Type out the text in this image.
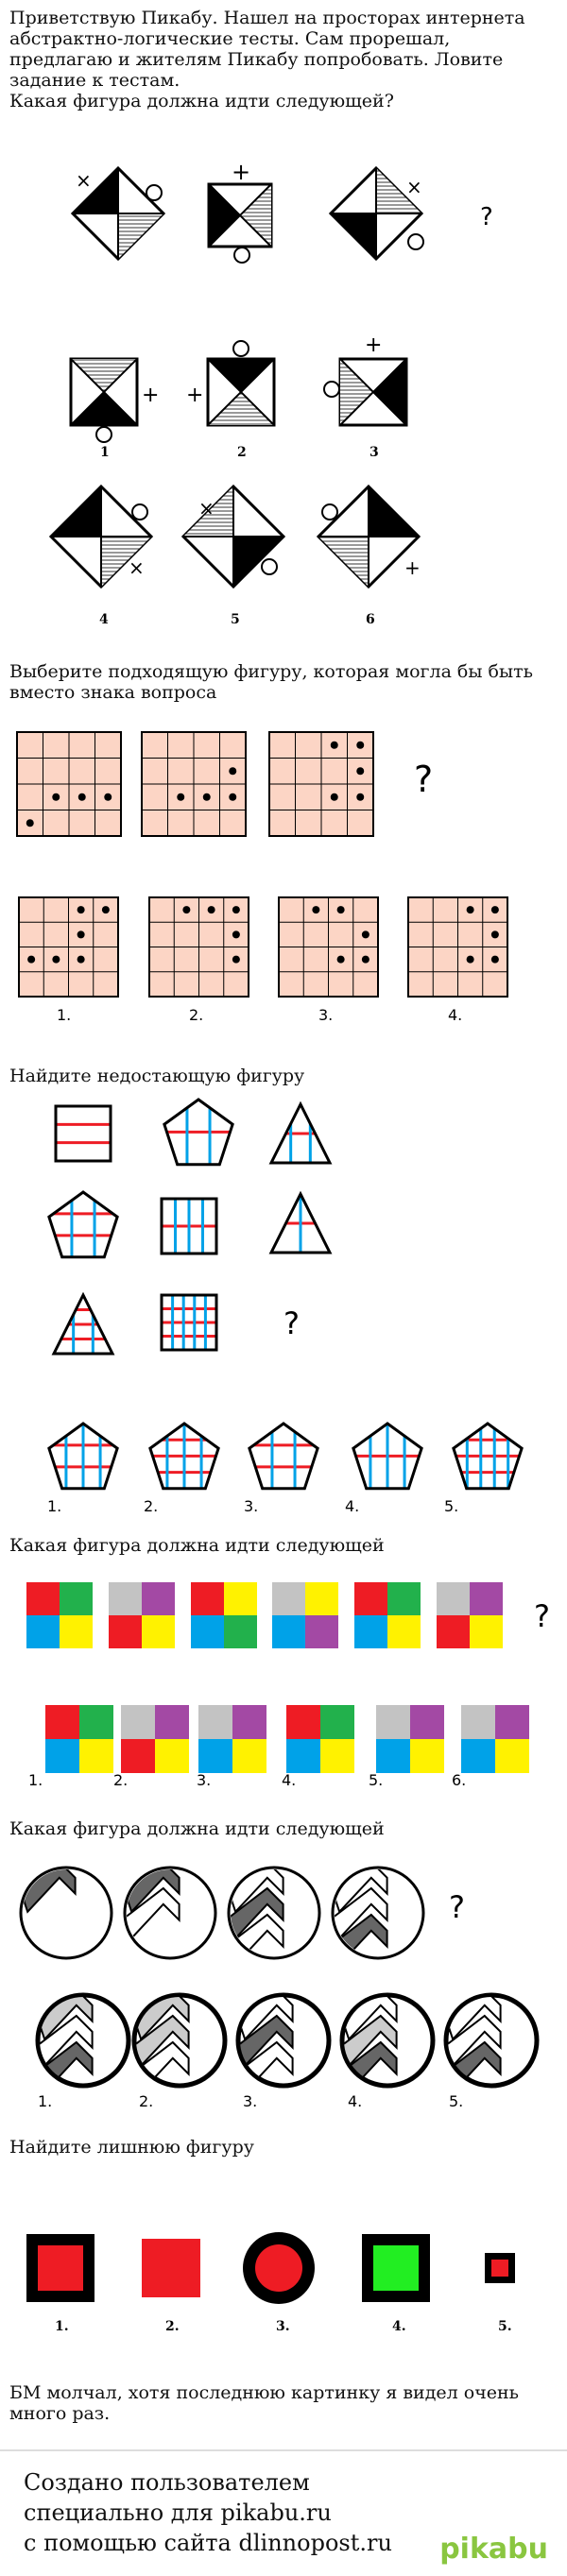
Приветствую Пикабу. Нашел на просторах интернета
абстрактно-логические тесты. Сам прорешал,
предлагаю и жителям Пикабу попробовать. Ловите
задание к тестам.
Какая фигура должна идти следующей?
×	+
×
?
+ +
+
1	2	3
×
×
+
4	5	6
Выберите подходящую фигуру, которая могла бы быть
вместо знака вопроса
?
1.	2.	3.	4.
Найдите недостающую фигуру
?
1.	2.	3.	4.	5.
Какая фигура должна идти следующей
?
1.	2.	3.	4.	5.	6.
Какая фигура должна идти следующей
?
1.	2.	3.	4.	5.
Найдите лишнюю фигуру
1.	2.	3.	4.	5.
БМ молчал, хотя последнюю картинку я видел очень
много раз.
Создано пользователем
специально для pikabu.ru
с помощью сайта dlinnopost.ru pikabu
